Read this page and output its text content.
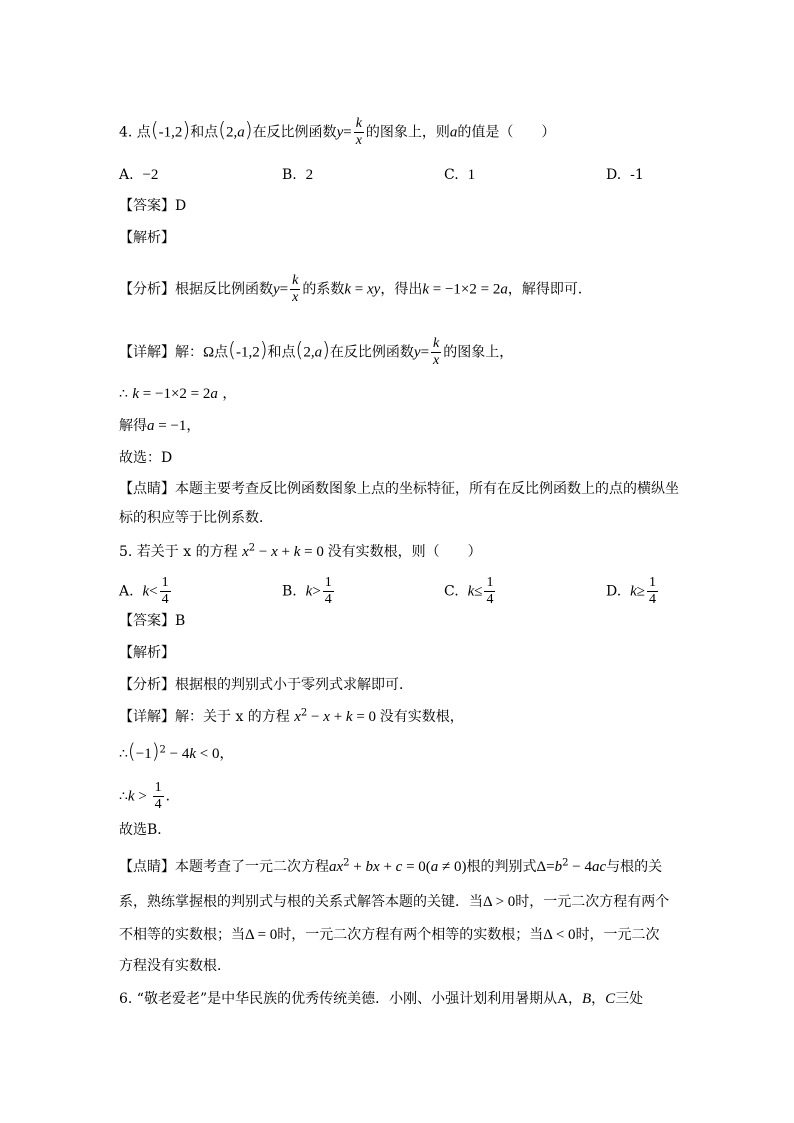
4. 点(-1,2)和点(2,a)在反比例函数$y= \frac{k}{x}$ 的图象上，则a的值是（　　）
A. −2	B. 2	C. 1	D. -1
【答案】D
【解析】
【分析】根据反比例函数$y= \frac{k}{x}$ 的系数k = xy，得出k = −1×2 = 2a，解得即可．
【详解】解：Ω点(-1,2)和点(2,a)在反比例函数$y= \frac{k}{x}$ 的图象上，
∴ k = −1×2 = 2a ，
解得a = −1，
故选：D
【点睛】本题主要考查反比例函数图象上点的坐标特征，所有在反比例函数上的点的横纵坐
标的积应等于比例系数．
5. 若关于 x 的方程 $x^2 - x + k = 0$ 没有实数根，则（　　）
A. $k< \frac{1}{4}$	B. $k> \frac{1}{4}$	C. $k\le \frac{1}{4}$	D. $k\ge \frac{1}{4}$
【答案】B
【解析】
【分析】根据根的判别式小于零列式求解即可．
【详解】解：关于 x 的方程 $x^2 - x + k = 0$ 没有实数根，
$\therefore(-1)^2 - 4k < 0$，
∴k > $\frac{1}{4}$ ．
故选B．
【点睛】本题考查了一元二次方程$ax^2$ + bx + c = 0(a ≠ 0)根的判别式$\Delta=b^2 - 4ac$与根的关
系，熟练掌握根的判别式与根的关系式解答本题的关键．当Δ > 0时，一元二次方程有两个
不相等的实数根；当Δ = 0时，一元二次方程有两个相等的实数根；当Δ < 0时，一元二次
方程没有实数根．
6. “敬老爱老”是中华民族的优秀传统美德．小刚、小强计划利用暑期从A，B，C三处
